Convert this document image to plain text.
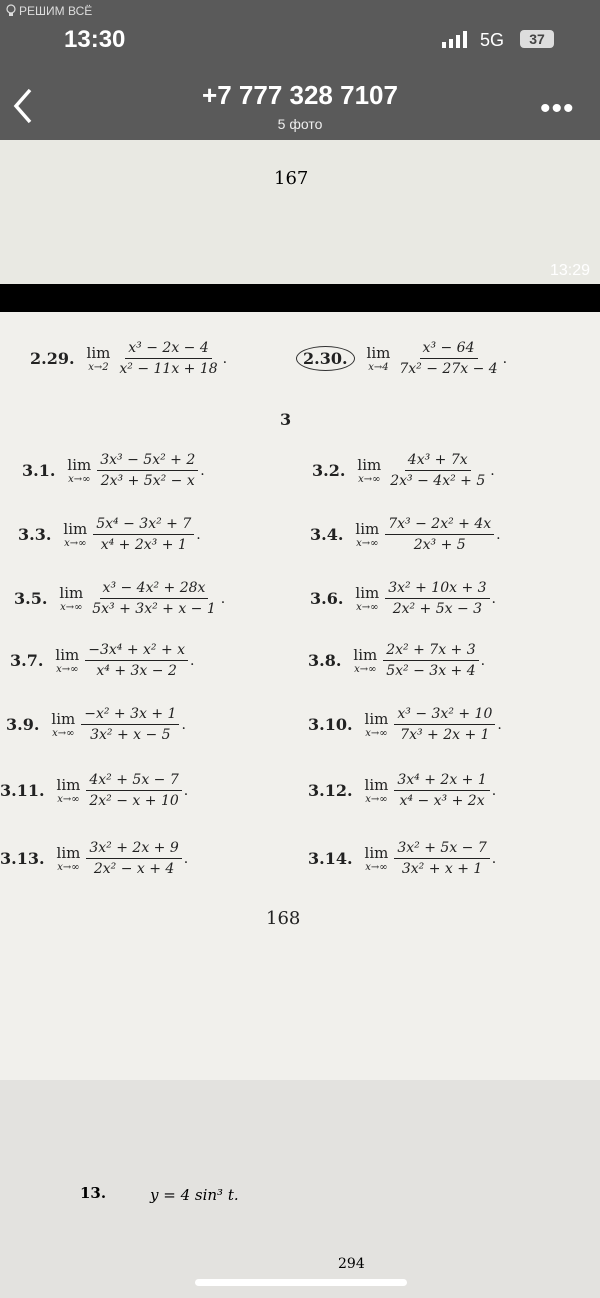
РЕШИМ ВСЁ
13:30	5G	37
+7 777 328 7107
5 фото	•••
167
13:29
2.29. lim
$x\to 2 \frac{\text{x³ − 2x − 4}}{\text{x² − 11x + 18}}$ .	2.30.	lim
$x\to 4 \frac{\text{x³ − 64}}{\text{7x² − 27x − 4}}$ .
3
3.1. lim
$x\to\infty \frac{\text{3x³ − 5x² + 2}}{\text{2x³ + 5x² − x}}$ .	3.2. lim
$x\to\infty \frac{\text{4x³ + 7x}}{\text{2x³ − 4x² + 5}}$ .
3.3. lim
$x\to\infty \frac{\text{5x⁴ − 3x² + 7}}{\text{x⁴ + 2x³ + 1}}$ .	3.4. lim
$x\to\infty \frac{\text{7x³ − 2x² + 4x}}{\text{2x³ + 5}}$ .
3.5. lim
$x\to\infty \frac{\text{x³ − 4x² + 28x}}{\text{5x³ + 3x² + x − 1}}$ .	3.6. lim
$x\to\infty \frac{\text{3x² + 10x + 3}}{\text{2x² + 5x − 3}}$ .
3.7. lim
$x\to\infty \frac{\text{−3x⁴ + x² + x}}{\text{x⁴ + 3x − 2}}$ .	3.8. lim
$x\to\infty \frac{\text{2x² + 7x + 3}}{\text{5x² − 3x + 4}}$ .
3.9. lim
$x\to\infty \frac{\text{−x² + 3x + 1}}{\text{3x² + x − 5}}$ .	3.10. lim
$x\to\infty \frac{\text{x³ − 3x² + 10}}{\text{7x³ + 2x + 1}}$ .
3.11. lim
$x\to\infty \frac{\text{4x² + 5x − 7}}{\text{2x² − x + 10}}$ .	3.12. lim
$x\to\infty \frac{\text{3x⁴ + 2x + 1}}{\text{x⁴ − x³ + 2x}}$ .
3.13. lim
$x\to\infty \frac{\text{3x² + 2x + 9}}{\text{2x² − x + 4}}$ .	3.14. lim
$x\to\infty \frac{\text{3x² + 5x − 7}}{\text{3x² + x + 1}}$ .
168
13.	y = 4 sin³ t.
294
